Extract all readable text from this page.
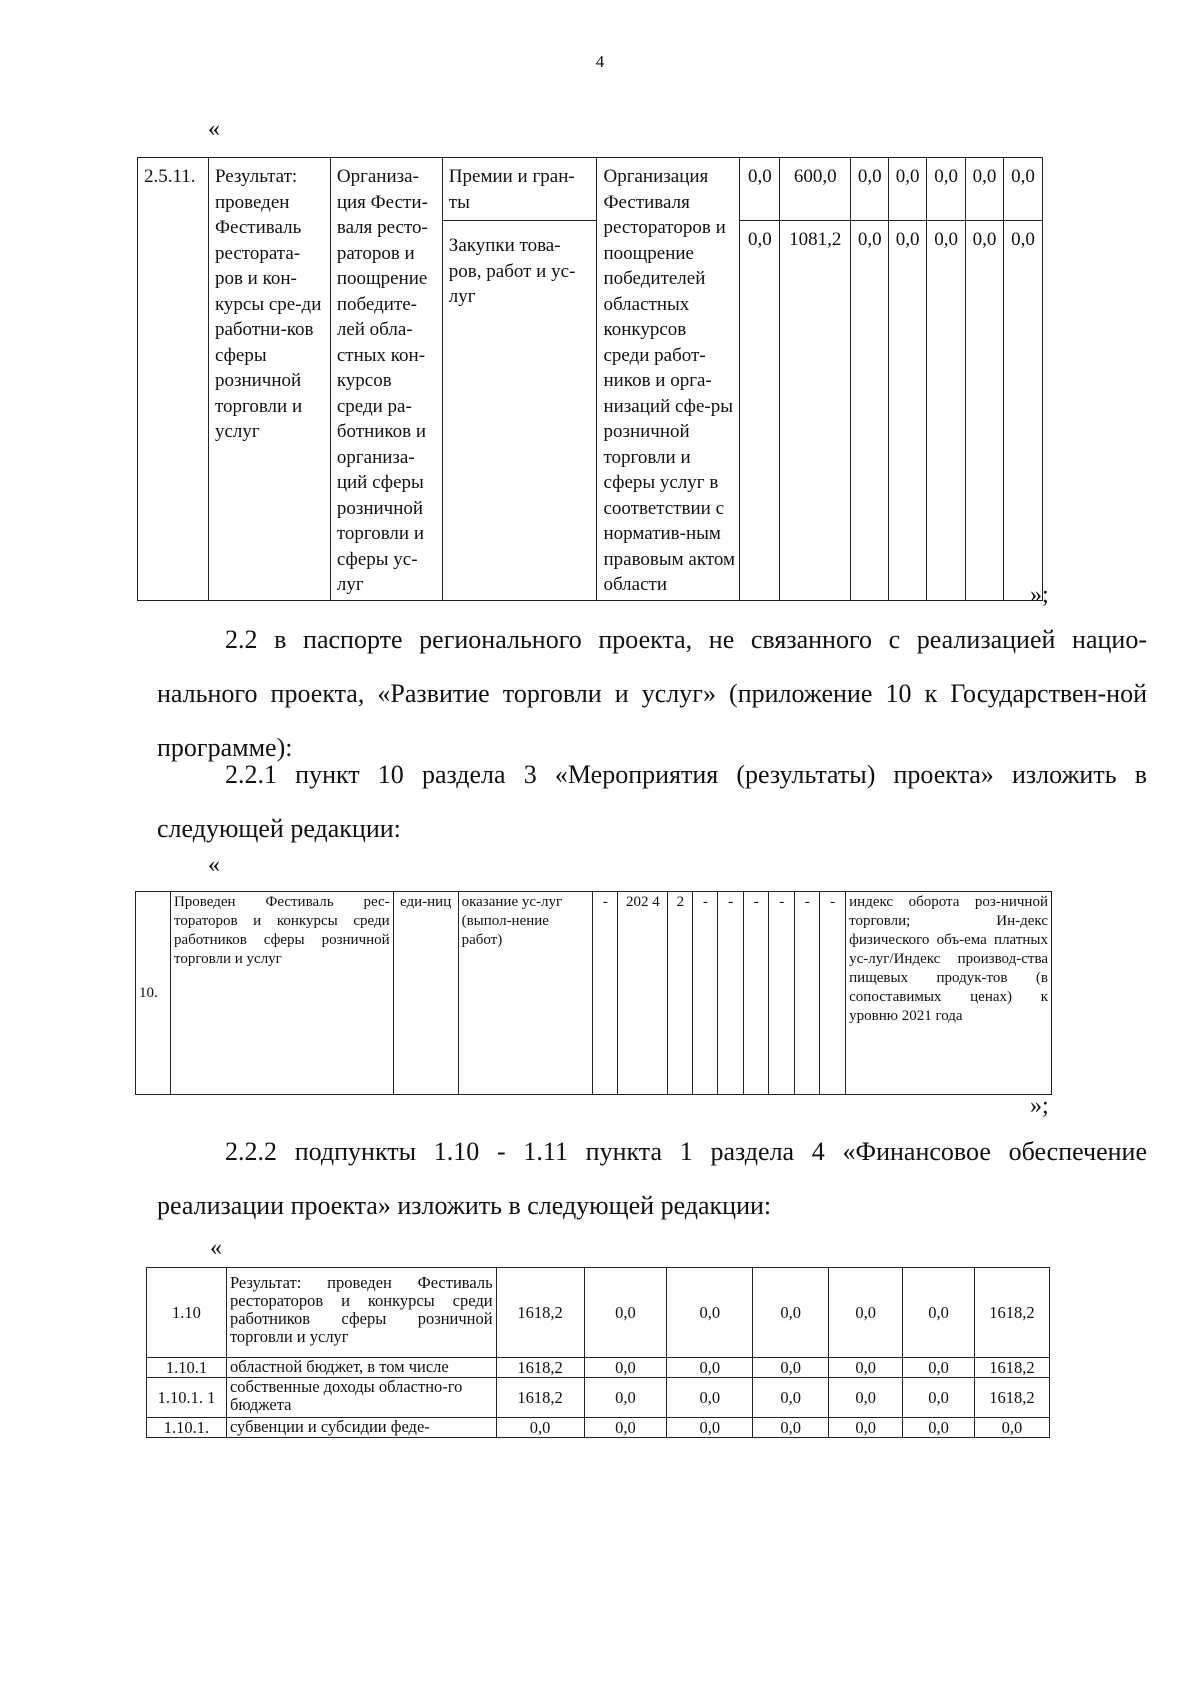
4
«
2.5.11.	Результат: проведен Фестиваль рестората-ров и кон-курсы сре-ди работни-ков сферы розничной торговли и услуг	Организа-ция Фести-валя ресто-раторов и поощрение победите-лей обла-стных кон-курсов среди ра-ботников и организа-ций сферы розничной торговли и сферы ус-луг	Премии и гран-ты	Организация Фестиваля рестораторов и поощрение победителей областных конкурсов среди работ-ников и орга-низаций сфе-ры розничной торговли и сферы услуг в соответствии с норматив-ным правовым актом области	0,0	600,0	0,0	0,0	0,0	0,0	0,0
			Закупки това-ров, работ и ус-луг		0,0	1081,2	0,0	0,0	0,0	0,0	0,0
»;
2.2 в паспорте регионального проекта, не связанного с реализацией нацио-нального проекта, «Развитие торговли и услуг» (приложение 10 к Государствен-ной программе):
2.2.1 пункт 10 раздела 3 «Мероприятия (результаты) проекта» изложить в следующей редакции:
«
10.	Проведен Фестиваль рес-тораторов и конкурсы среди работников сферы розничной торговли и услуг	еди-ниц	оказание ус-луг (выпол-нение работ)	-	202 4	2	-	-	-	-	-	-	индекс оборота роз-ничной торговли; Ин-декс физического объ-ема платных ус-луг/Индекс производ-ства пищевых продук-тов (в сопоставимых ценах) к уровню 2021 года
»;
2.2.2 подпункты 1.10 - 1.11 пункта 1 раздела 4 «Финансовое обеспечение реализации проекта» изложить в следующей редакции:
«
1.10	Результат: проведен Фестиваль рестораторов и конкурсы среди работников сферы розничной торговли и услуг	1618,2	0,0	0,0	0,0	0,0	0,0	1618,2
1.10.1	областной бюджет, в том числе	1618,2	0,0	0,0	0,0	0,0	0,0	1618,2
1.10.1. 1	собственные доходы областно-го бюджета	1618,2	0,0	0,0	0,0	0,0	0,0	1618,2
1.10.1.	субвенции и субсидии феде-	0,0	0,0	0,0	0,0	0,0	0,0	0,0
